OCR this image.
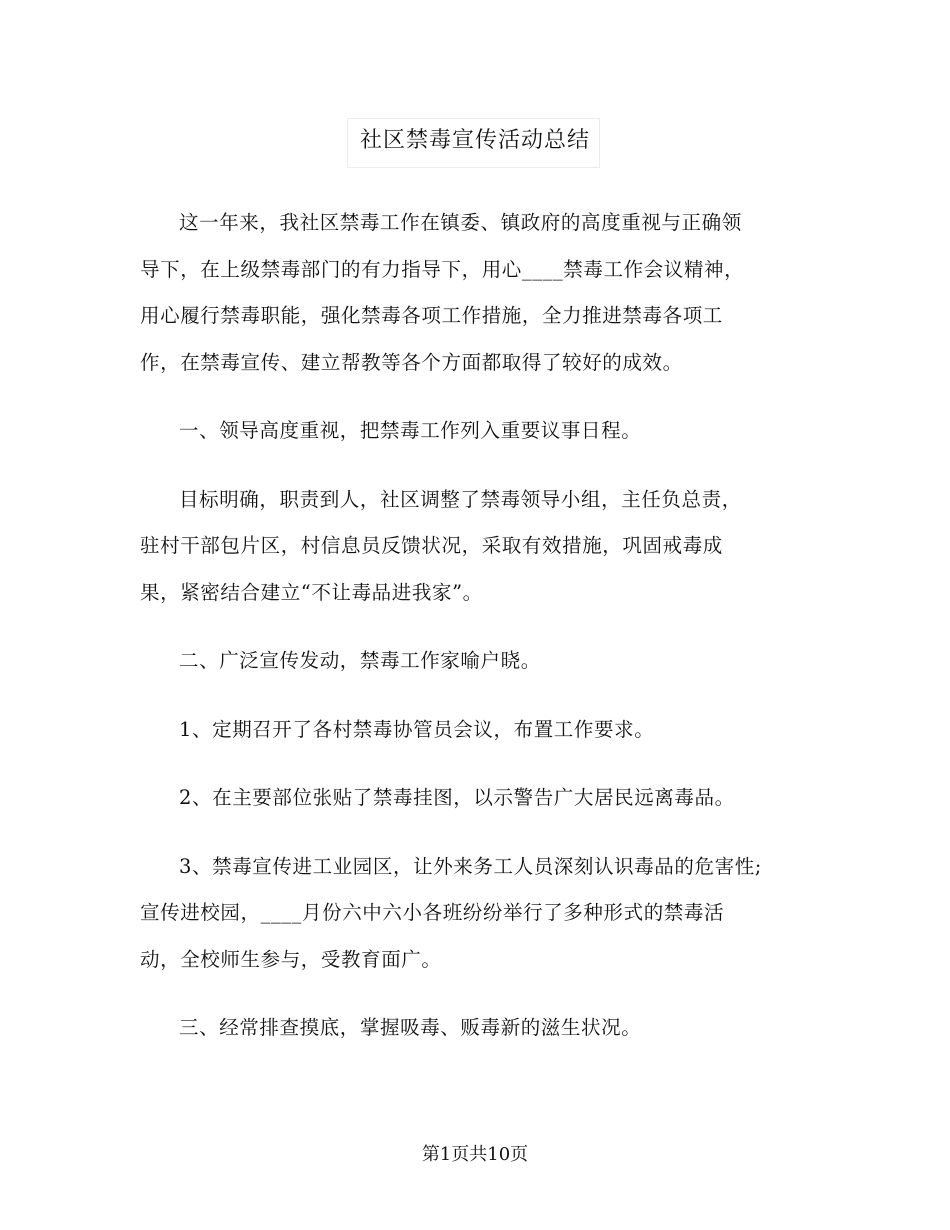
社区禁毒宣传活动总结

这一年来，我社区禁毒工作在镇委、镇政府的高度重视与正确领
导下，在上级禁毒部门的有力指导下，用心____禁毒工作会议精神，
用心履行禁毒职能，强化禁毒各项工作措施，全力推进禁毒各项工
作，在禁毒宣传、建立帮教等各个方面都取得了较好的成效。

一、领导高度重视，把禁毒工作列入重要议事日程。

目标明确，职责到人，社区调整了禁毒领导小组，主任负总责，
驻村干部包片区，村信息员反馈状况，采取有效措施，巩固戒毒成
果，紧密结合建立“不让毒品进我家”。

二、广泛宣传发动，禁毒工作家喻户晓。

1、定期召开了各村禁毒协管员会议，布置工作要求。

2、在主要部位张贴了禁毒挂图，以示警告广大居民远离毒品。

3、禁毒宣传进工业园区，让外来务工人员深刻认识毒品的危害性;
宣传进校园，____月份六中六小各班纷纷举行了多种形式的禁毒活
动，全校师生参与，受教育面广。

三、经常排查摸底，掌握吸毒、贩毒新的滋生状况。

第1页共10页
